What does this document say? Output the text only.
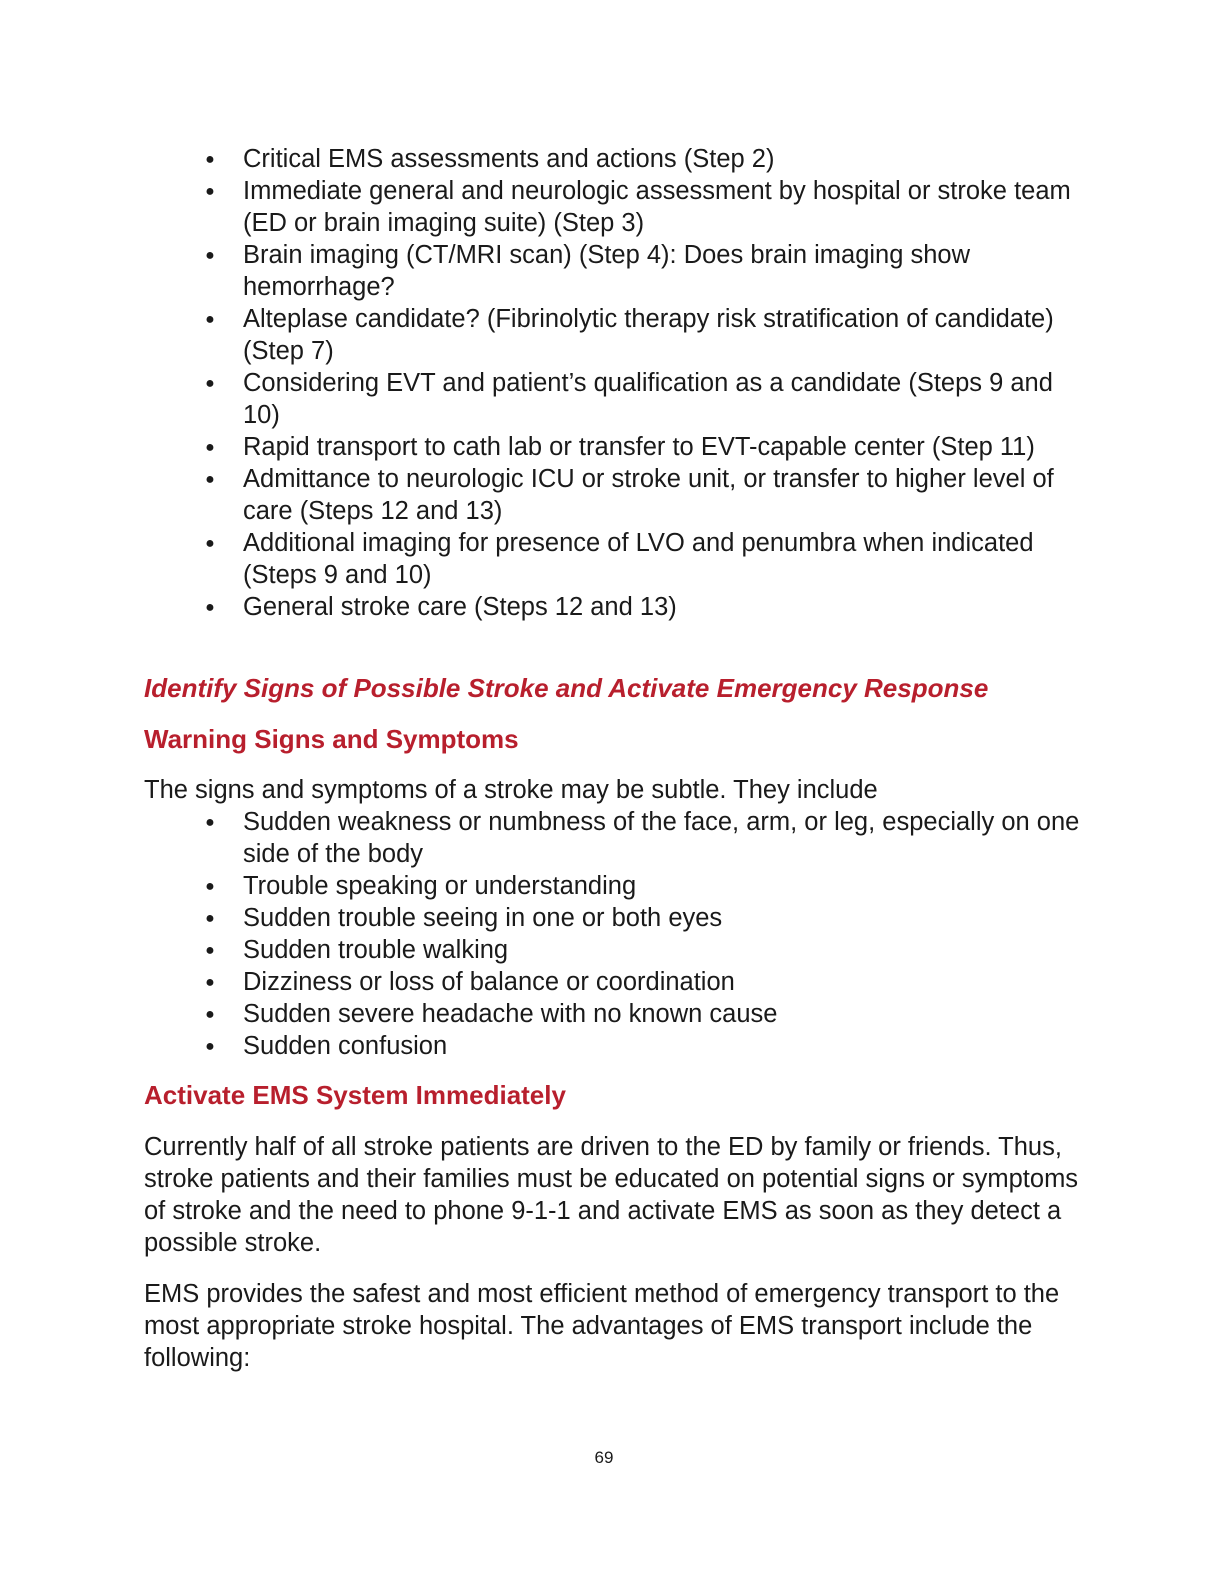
● Critical EMS assessments and actions (Step 2)
● Immediate general and neurologic assessment by hospital or stroke team (ED or brain imaging suite) (Step 3)
● Brain imaging (CT/MRI scan) (Step 4): Does brain imaging show hemorrhage?
● Alteplase candidate? (Fibrinolytic therapy risk stratification of candidate) (Step 7)
● Considering EVT and patient’s qualification as a candidate (Steps 9 and 10)
● Rapid transport to cath lab or transfer to EVT-capable center (Step 11)
● Admittance to neurologic ICU or stroke unit, or transfer to higher level of care (Steps 12 and 13)
● Additional imaging for presence of LVO and penumbra when indicated (Steps 9 and 10)
● General stroke care (Steps 12 and 13)
Identify Signs of Possible Stroke and Activate Emergency Response
Warning Signs and Symptoms
The signs and symptoms of a stroke may be subtle. They include
● Sudden weakness or numbness of the face, arm, or leg, especially on one side of the body
● Trouble speaking or understanding
● Sudden trouble seeing in one or both eyes
● Sudden trouble walking
● Dizziness or loss of balance or coordination
● Sudden severe headache with no known cause
● Sudden confusion
Activate EMS System Immediately
Currently half of all stroke patients are driven to the ED by family or friends. Thus, stroke patients and their families must be educated on potential signs or symptoms of stroke and the need to phone 9-1-1 and activate EMS as soon as they detect a possible stroke.
EMS provides the safest and most efficient method of emergency transport to the most appropriate stroke hospital. The advantages of EMS transport include the following:
69
